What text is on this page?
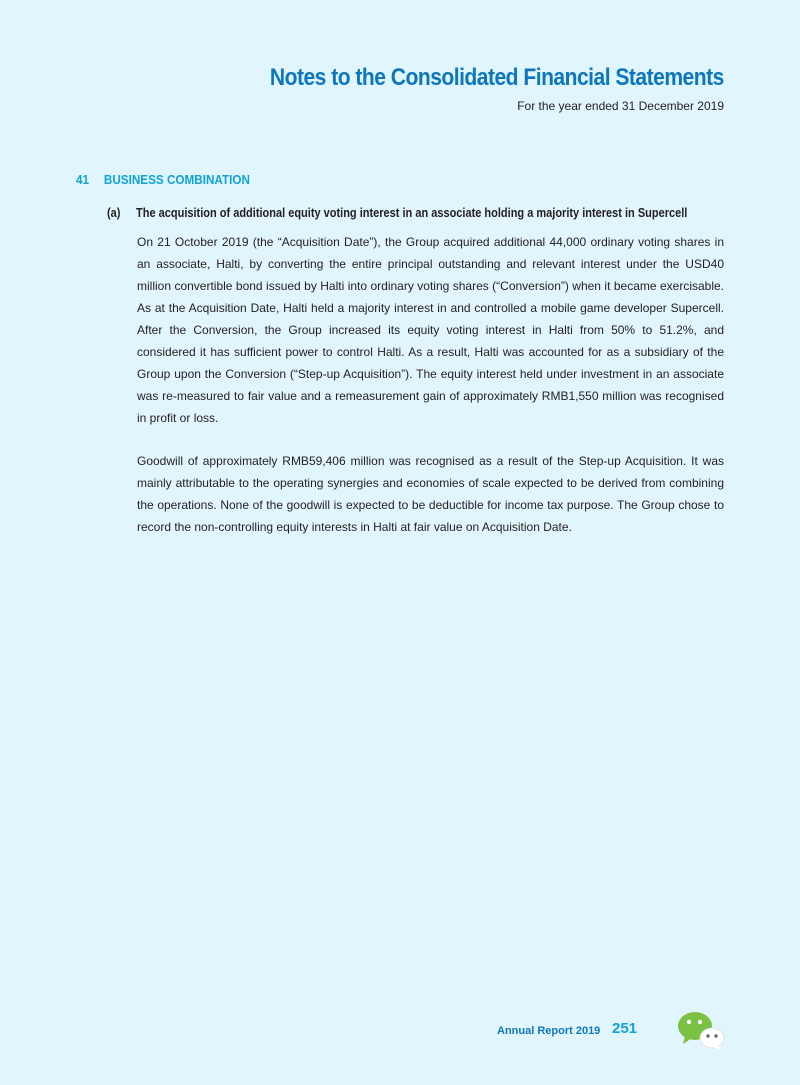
Notes to the Consolidated Financial Statements
For the year ended 31 December 2019
41 BUSINESS COMBINATION
(a) The acquisition of additional equity voting interest in an associate holding a majority interest in Supercell

On 21 October 2019 (the “Acquisition Date”), the Group acquired additional 44,000 ordinary voting shares in an associate, Halti, by converting the entire principal outstanding and relevant interest under the USD40 million convertible bond issued by Halti into ordinary voting shares (“Conversion”) when it became exercisable. As at the Acquisition Date, Halti held a majority interest in and controlled a mobile game developer Supercell. After the Conversion, the Group increased its equity voting interest in Halti from 50% to 51.2%, and considered it has sufficient power to control Halti. As a result, Halti was accounted for as a subsidiary of the Group upon the Conversion (“Step-up Acquisition”). The equity interest held under investment in an associate was re-measured to fair value and a remeasurement gain of approximately RMB1,550 million was recognised in profit or loss.

Goodwill of approximately RMB59,406 million was recognised as a result of the Step-up Acquisition. It was mainly attributable to the operating synergies and economies of scale expected to be derived from combining the operations. None of the goodwill is expected to be deductible for income tax purpose. The Group chose to record the non-controlling equity interests in Halti at fair value on Acquisition Date.

Annual Report 2019 251
